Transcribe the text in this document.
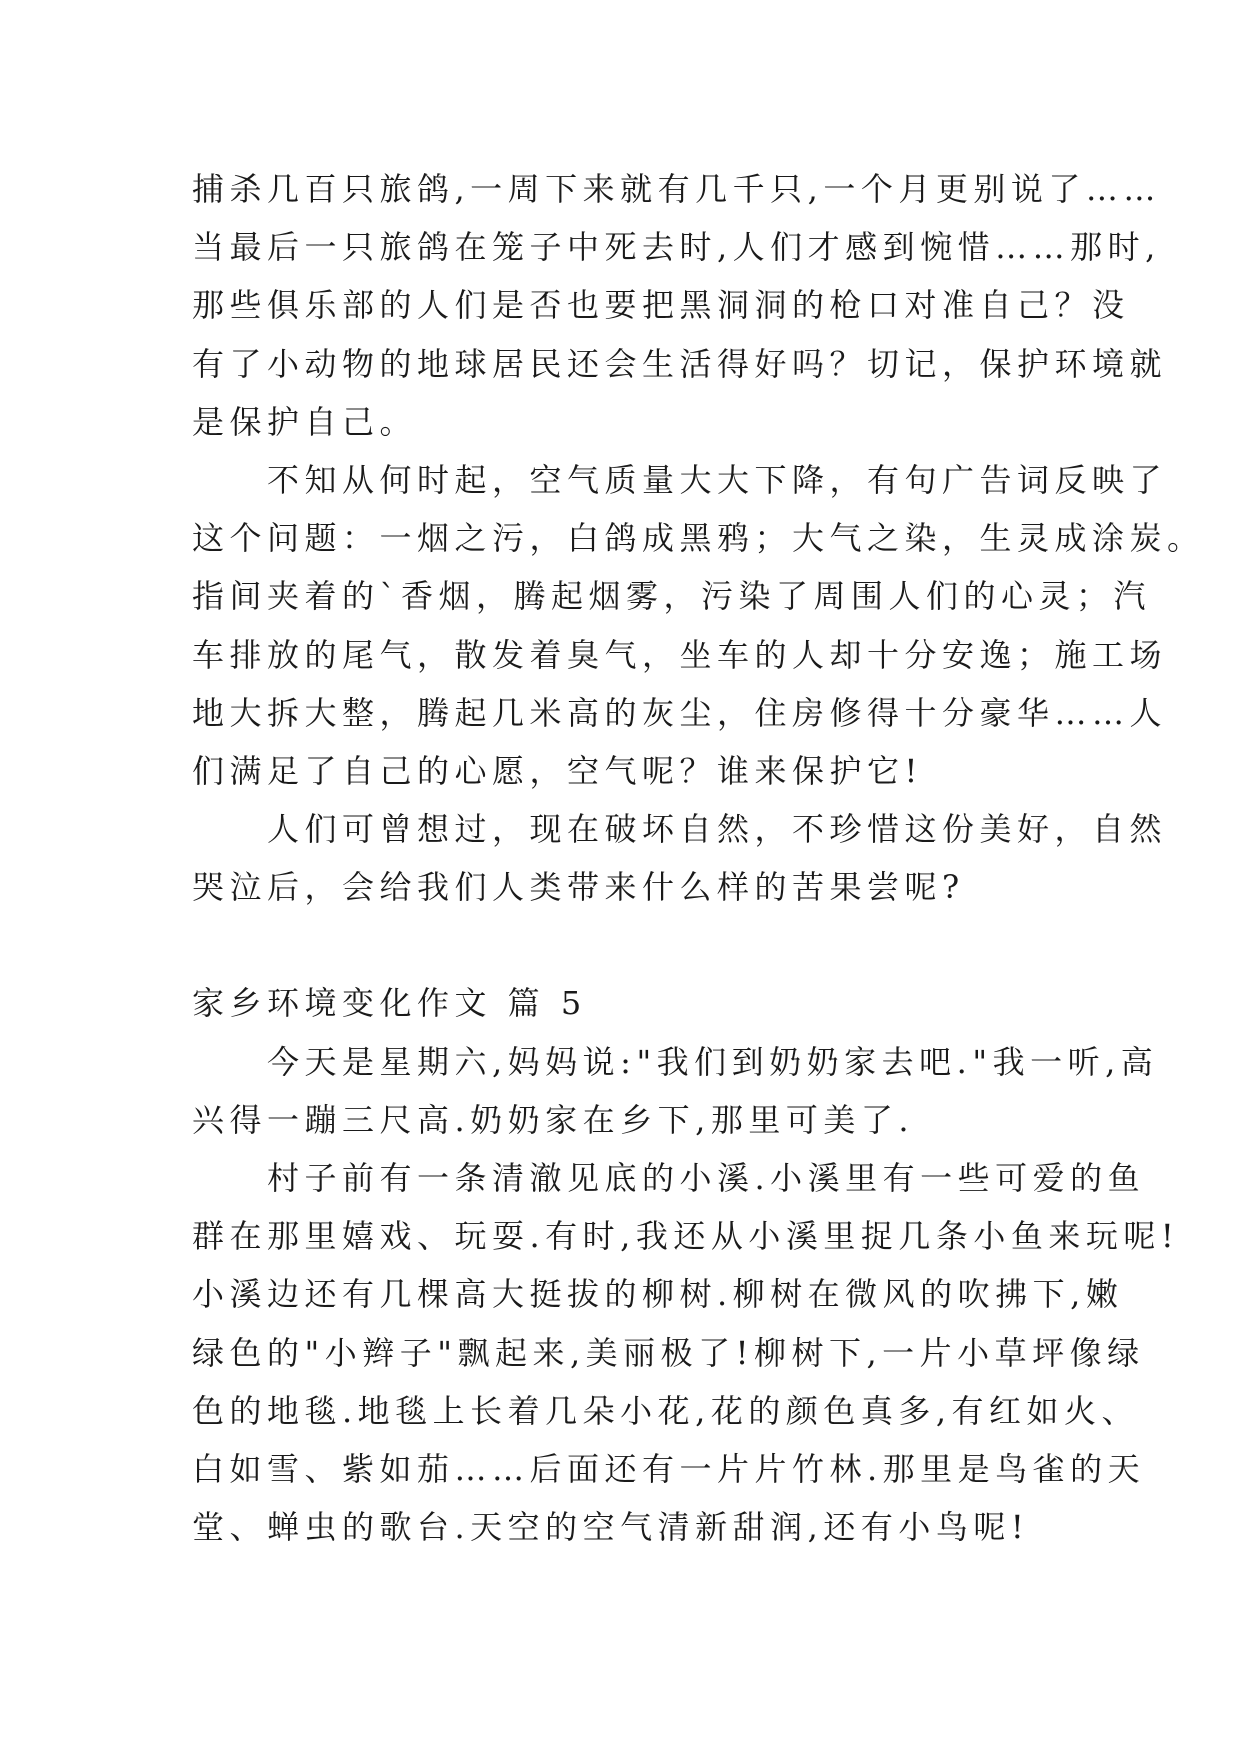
捕杀几百只旅鸽,一周下来就有几千只,一个月更别说了……
当最后一只旅鸽在笼子中死去时,人们才感到惋惜……那时,
那些俱乐部的人们是否也要把黑洞洞的枪口对准自己？没
有了小动物的地球居民还会生活得好吗？切记，保护环境就
是保护自己。
　　不知从何时起，空气质量大大下降，有句广告词反映了
这个问题：一烟之污，白鸽成黑鸦；大气之染，生灵成涂炭。
指间夹着的`香烟，腾起烟雾，污染了周围人们的心灵；汽
车排放的尾气，散发着臭气，坐车的人却十分安逸；施工场
地大拆大整，腾起几米高的灰尘，住房修得十分豪华……人
们满足了自己的心愿，空气呢？谁来保护它!
　　人们可曾想过，现在破坏自然，不珍惜这份美好，自然
哭泣后，会给我们人类带来什么样的苦果尝呢?
家乡环境变化作文 篇 5
　　今天是星期六,妈妈说:"我们到奶奶家去吧."我一听,高
兴得一蹦三尺高.奶奶家在乡下,那里可美了.
　　村子前有一条清澈见底的小溪.小溪里有一些可爱的鱼
群在那里嬉戏、玩耍.有时,我还从小溪里捉几条小鱼来玩呢!
小溪边还有几棵高大挺拔的柳树.柳树在微风的吹拂下,嫩
绿色的"小辫子"飘起来,美丽极了!柳树下,一片小草坪像绿
色的地毯.地毯上长着几朵小花,花的颜色真多,有红如火、
白如雪、紫如茄……后面还有一片片竹林.那里是鸟雀的天
堂、蝉虫的歌台.天空的空气清新甜润,还有小鸟呢!
